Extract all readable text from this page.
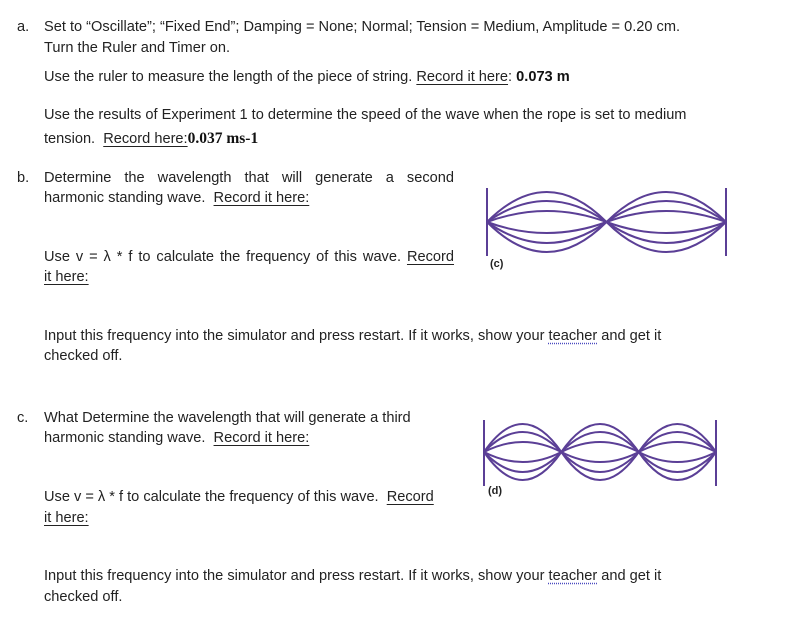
a. Set to “Oscillate”; “Fixed End”; Damping = None; Normal; Tension = Medium, Amplitude = 0.20 cm.
Turn the Ruler and Timer on.
Use the ruler to measure the length of the piece of string. Record it here: 0.073 m
Use the results of Experiment 1 to determine the speed of the wave when the rope is set to medium
tension. Record here:0.037 ms-1
b. Determine the wavelength that will generate a second
harmonic standing wave. Record it here:
Use v = λ * f to calculate the frequency of this wave. Record
it here:
Input this frequency into the simulator and press restart. If it works, show your teacher and get it
checked off.
(c)
c. What Determine the wavelength that will generate a third
harmonic standing wave. Record it here:
Use v = λ * f to calculate the frequency of this wave. Record
it here:
Input this frequency into the simulator and press restart. If it works, show your teacher and get it
checked off.
(d)
